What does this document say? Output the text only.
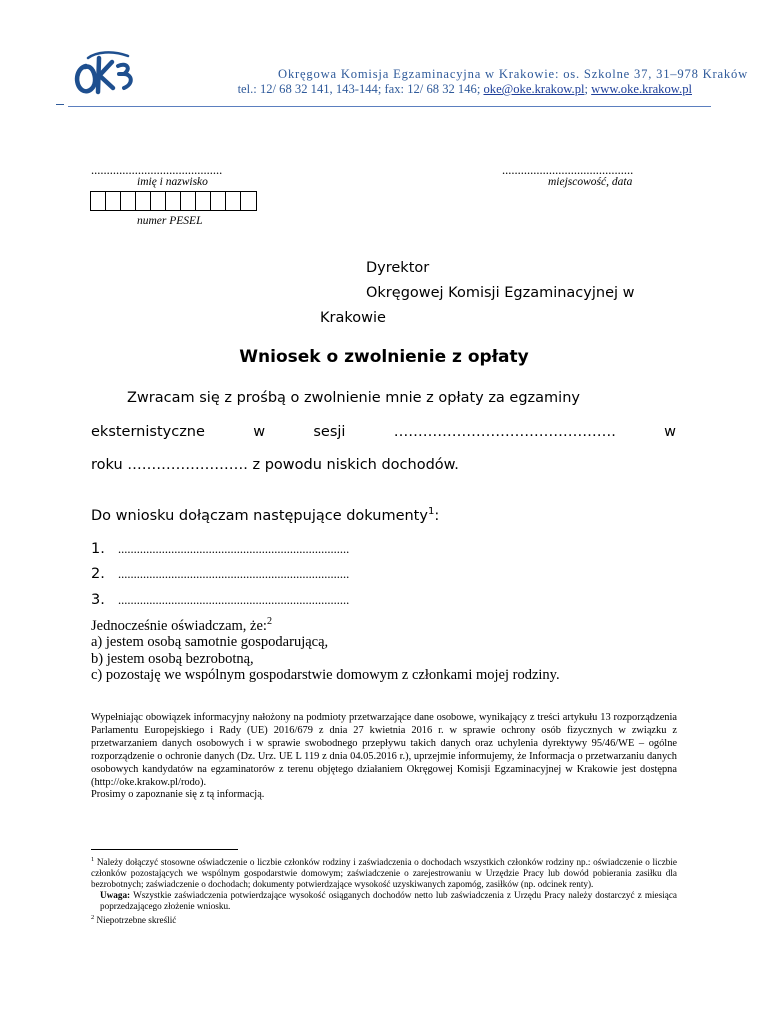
Okręgowa Komisja Egzaminacyjna w Krakowie: os. Szkolne 37, 31–978 Kraków
tel.: 12/ 68 32 141, 143-144; fax: 12/ 68 32 146; oke@oke.krakow.pl; www.oke.krakow.pl
..........................................
imię i nazwisko
..........................................
miejscowość, data
numer PESEL
Dyrektor
Okręgowej Komisji Egzaminacyjnej w
Krakowie
Wniosek o zwolnienie z opłaty
Zwracam się z prośbą o zwolnienie mnie z opłaty za egzaminy
eksternistyczne	w	sesji	……………………………………….	w
roku ……………………. z powodu niskich dochodów.
Do wniosku dołączam następujące dokumenty$^1$:
1. ..........................................................................
2. ..........................................................................
3. ..........................................................................
Jednocześnie oświadczam, że:$^2$
a) jestem osobą samotnie gospodarującą,
b) jestem osobą bezrobotną,
c) pozostaję we wspólnym gospodarstwie domowym z członkami mojej rodziny.
Wypełniając obowiązek informacyjny nałożony na podmioty przetwarzające dane osobowe, wynikający z treści artykułu 13 rozporządzenia Parlamentu Europejskiego i Rady (UE) 2016/679 z dnia 27 kwietnia 2016 r. w sprawie ochrony osób fizycznych w związku z przetwarzaniem danych osobowych i w sprawie swobodnego przepływu takich danych oraz uchylenia dyrektywy 95/46/WE – ogólne rozporządzenie o ochronie danych (Dz. Urz. UE L 119 z dnia 04.05.2016 r.), uprzejmie informujemy, że Informacja o przetwarzaniu danych osobowych kandydatów na egzaminatorów z terenu objętego działaniem Okręgowej Komisji Egzaminacyjnej w Krakowie jest dostępna (http://oke.krakow.pl/rodo).
Prosimy o zapoznanie się z tą informacją.
$^1$ Należy dołączyć stosowne oświadczenie o liczbie członków rodziny i zaświadczenia o dochodach wszystkich członków rodziny np.: oświadczenie o liczbie członków pozostających we wspólnym gospodarstwie domowym; zaświadczenie o zarejestrowaniu w Urzędzie Pracy lub dowód pobierania zasiłku dla bezrobotnych; zaświadczenie o dochodach; dokumenty potwierdzające wysokość uzyskiwanych zapomóg, zasiłków (np. odcinek renty).
Uwaga: Wszystkie zaświadczenia potwierdzające wysokość osiąganych dochodów netto lub zaświadczenia z Urzędu Pracy należy dostarczyć z miesiąca poprzedzającego złożenie wniosku.
$^2$ Niepotrzebne skreślić
